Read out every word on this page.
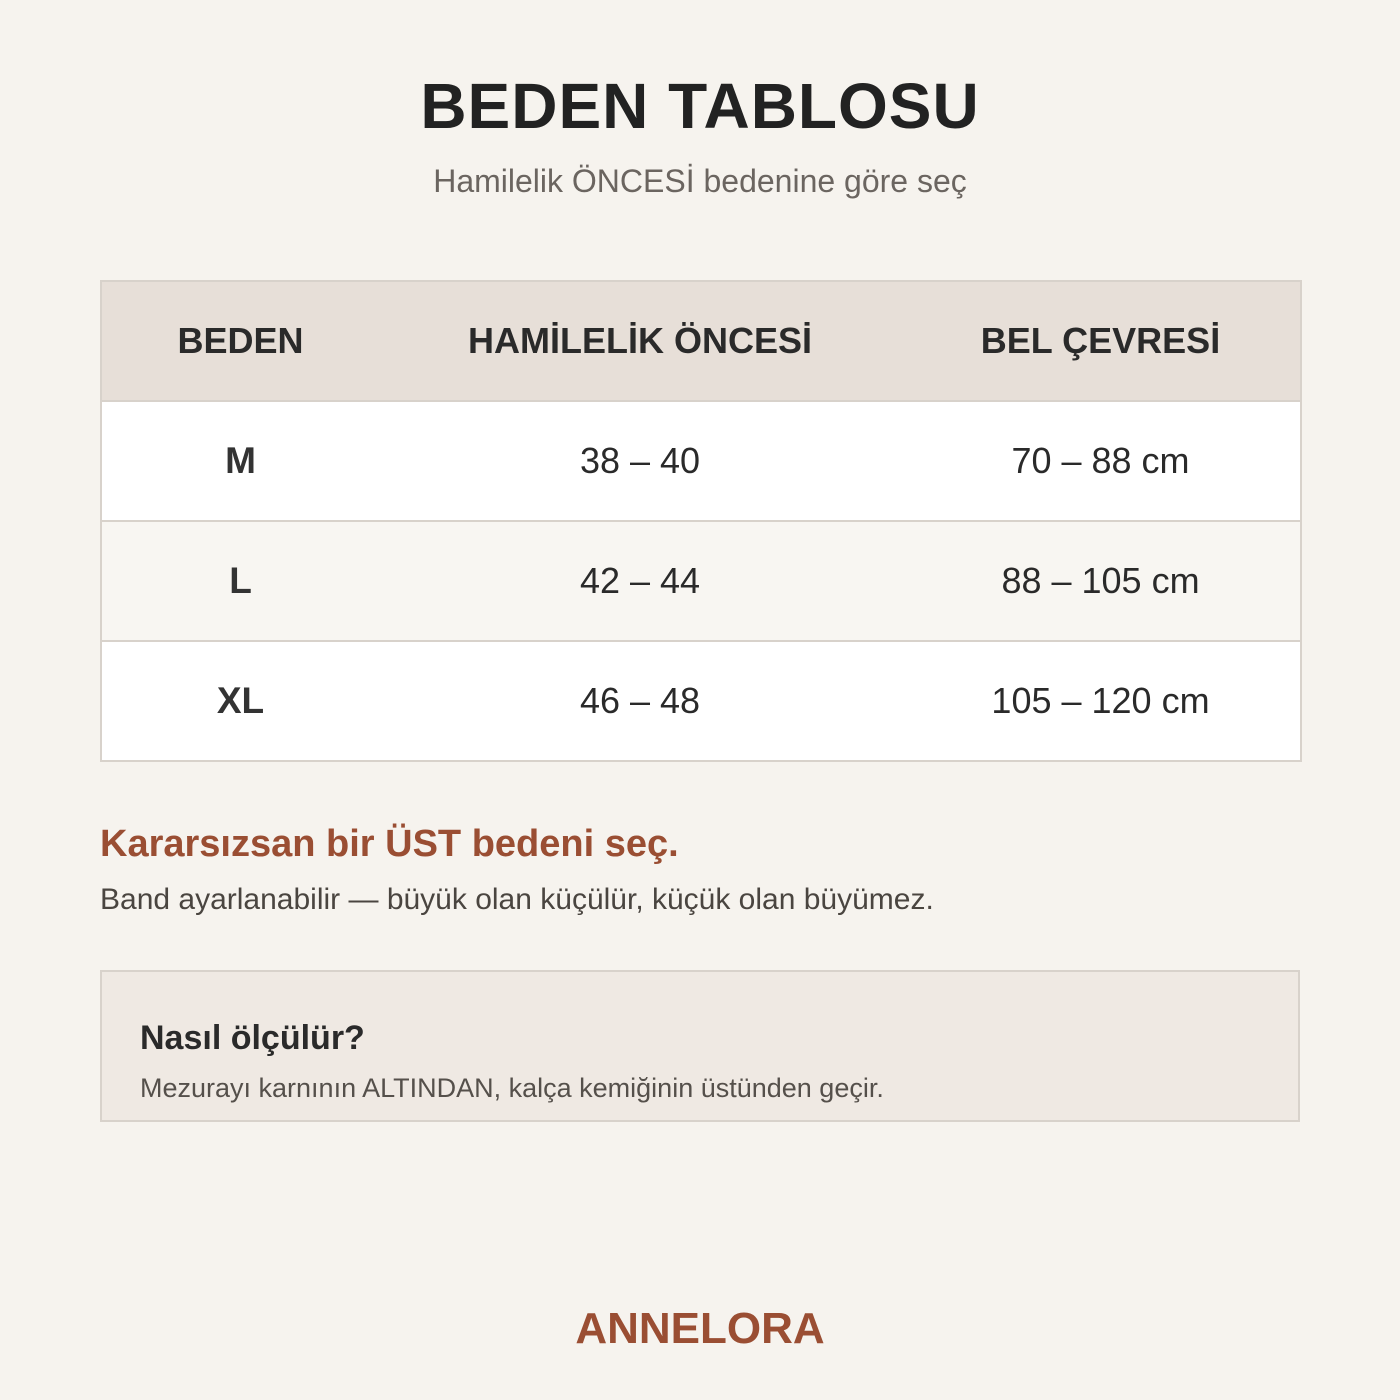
BEDEN TABLOSU

Hamilelik ÖNCESİ bedenine göre seç

BEDEN	HAMİLELİK ÖNCESİ	BEL ÇEVRESİ
M	38 – 40	70 – 88 cm
L	42 – 44	88 – 105 cm
XL	46 – 48	105 – 120 cm

Kararsızsan bir ÜST bedeni seç.

Band ayarlanabilir — büyük olan küçülür, küçük olan büyümez.

Nasıl ölçülür?

Mezurayı karnının ALTINDAN, kalça kemiğinin üstünden geçir.

ANNELORA
